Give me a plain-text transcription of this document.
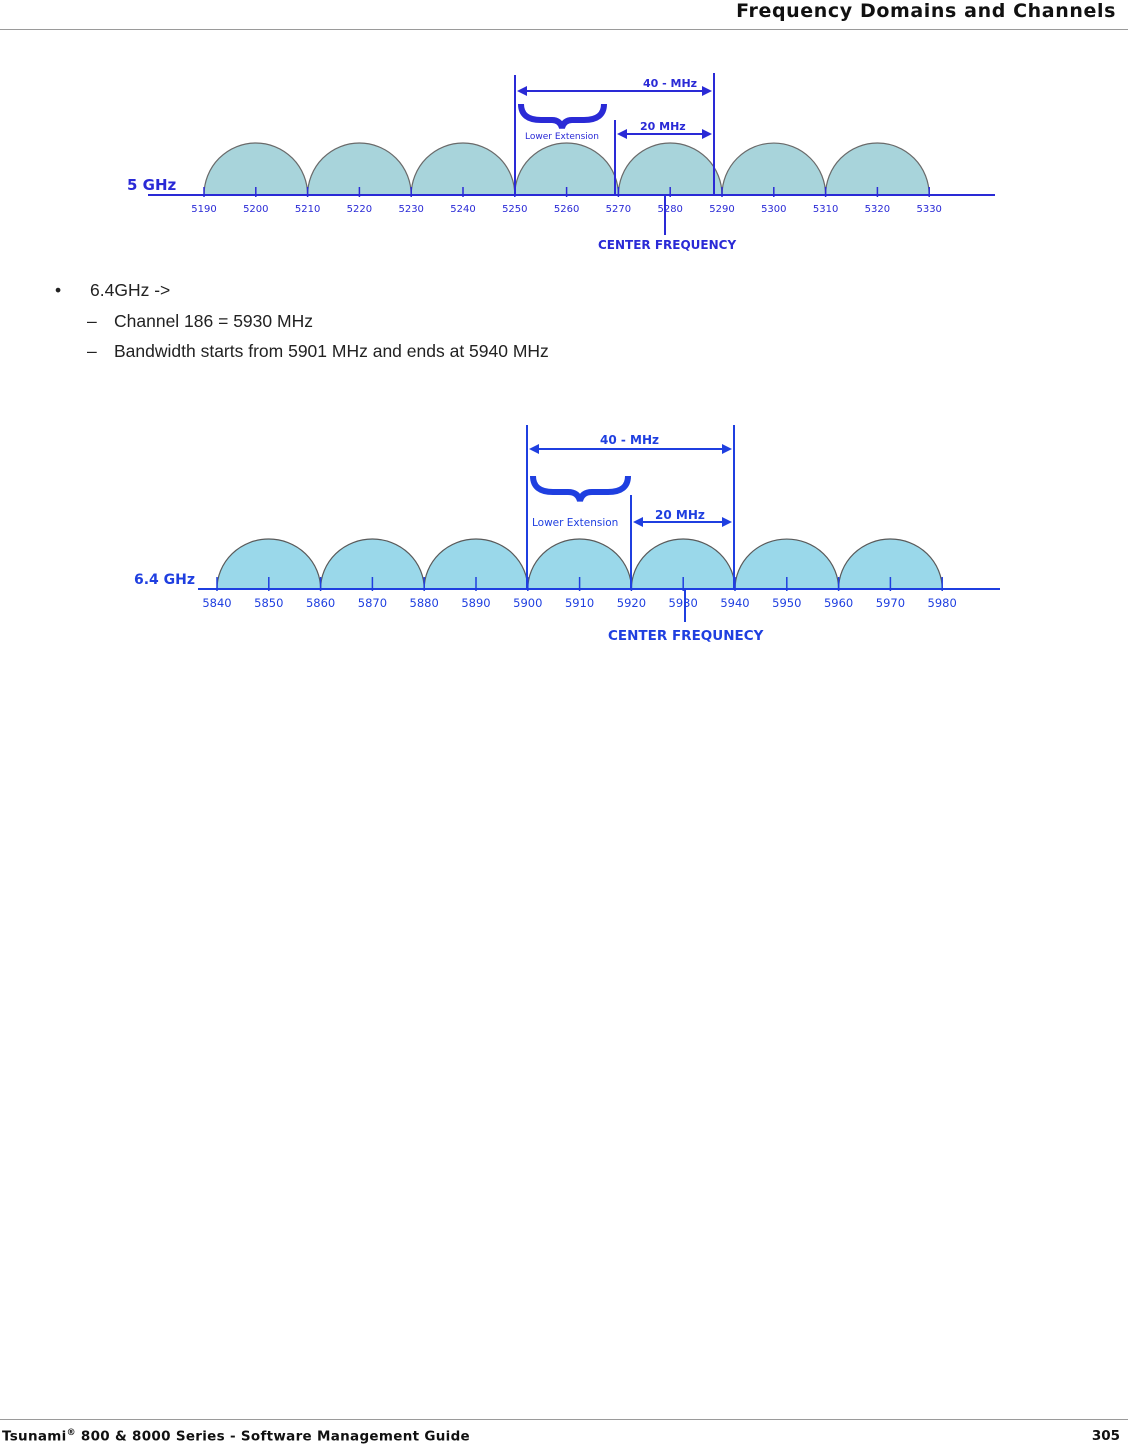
Frequency Domains and Channels
5190	5200	5210	5220	5230	5240	5250	5260	5270	5280	5290	5300	5310	5320	5330
5 GHz
40 - MHz
20 MHz
Lower Extension
CENTER FREQUENCY
• 6.4GHz ->
– Channel 186 = 5930 MHz
– Bandwidth starts from 5901 MHz and ends at 5940 MHz
5840 5850 5860 5870 5880 5890 5900 5910 5920 5930 5940 5950 5960 5970 5980
6.4 GHz
40 - MHz
20 MHz
Lower Extension
CENTER FREQUNECY
Tsunami® 800 & 8000 Series - Software Management Guide	305
